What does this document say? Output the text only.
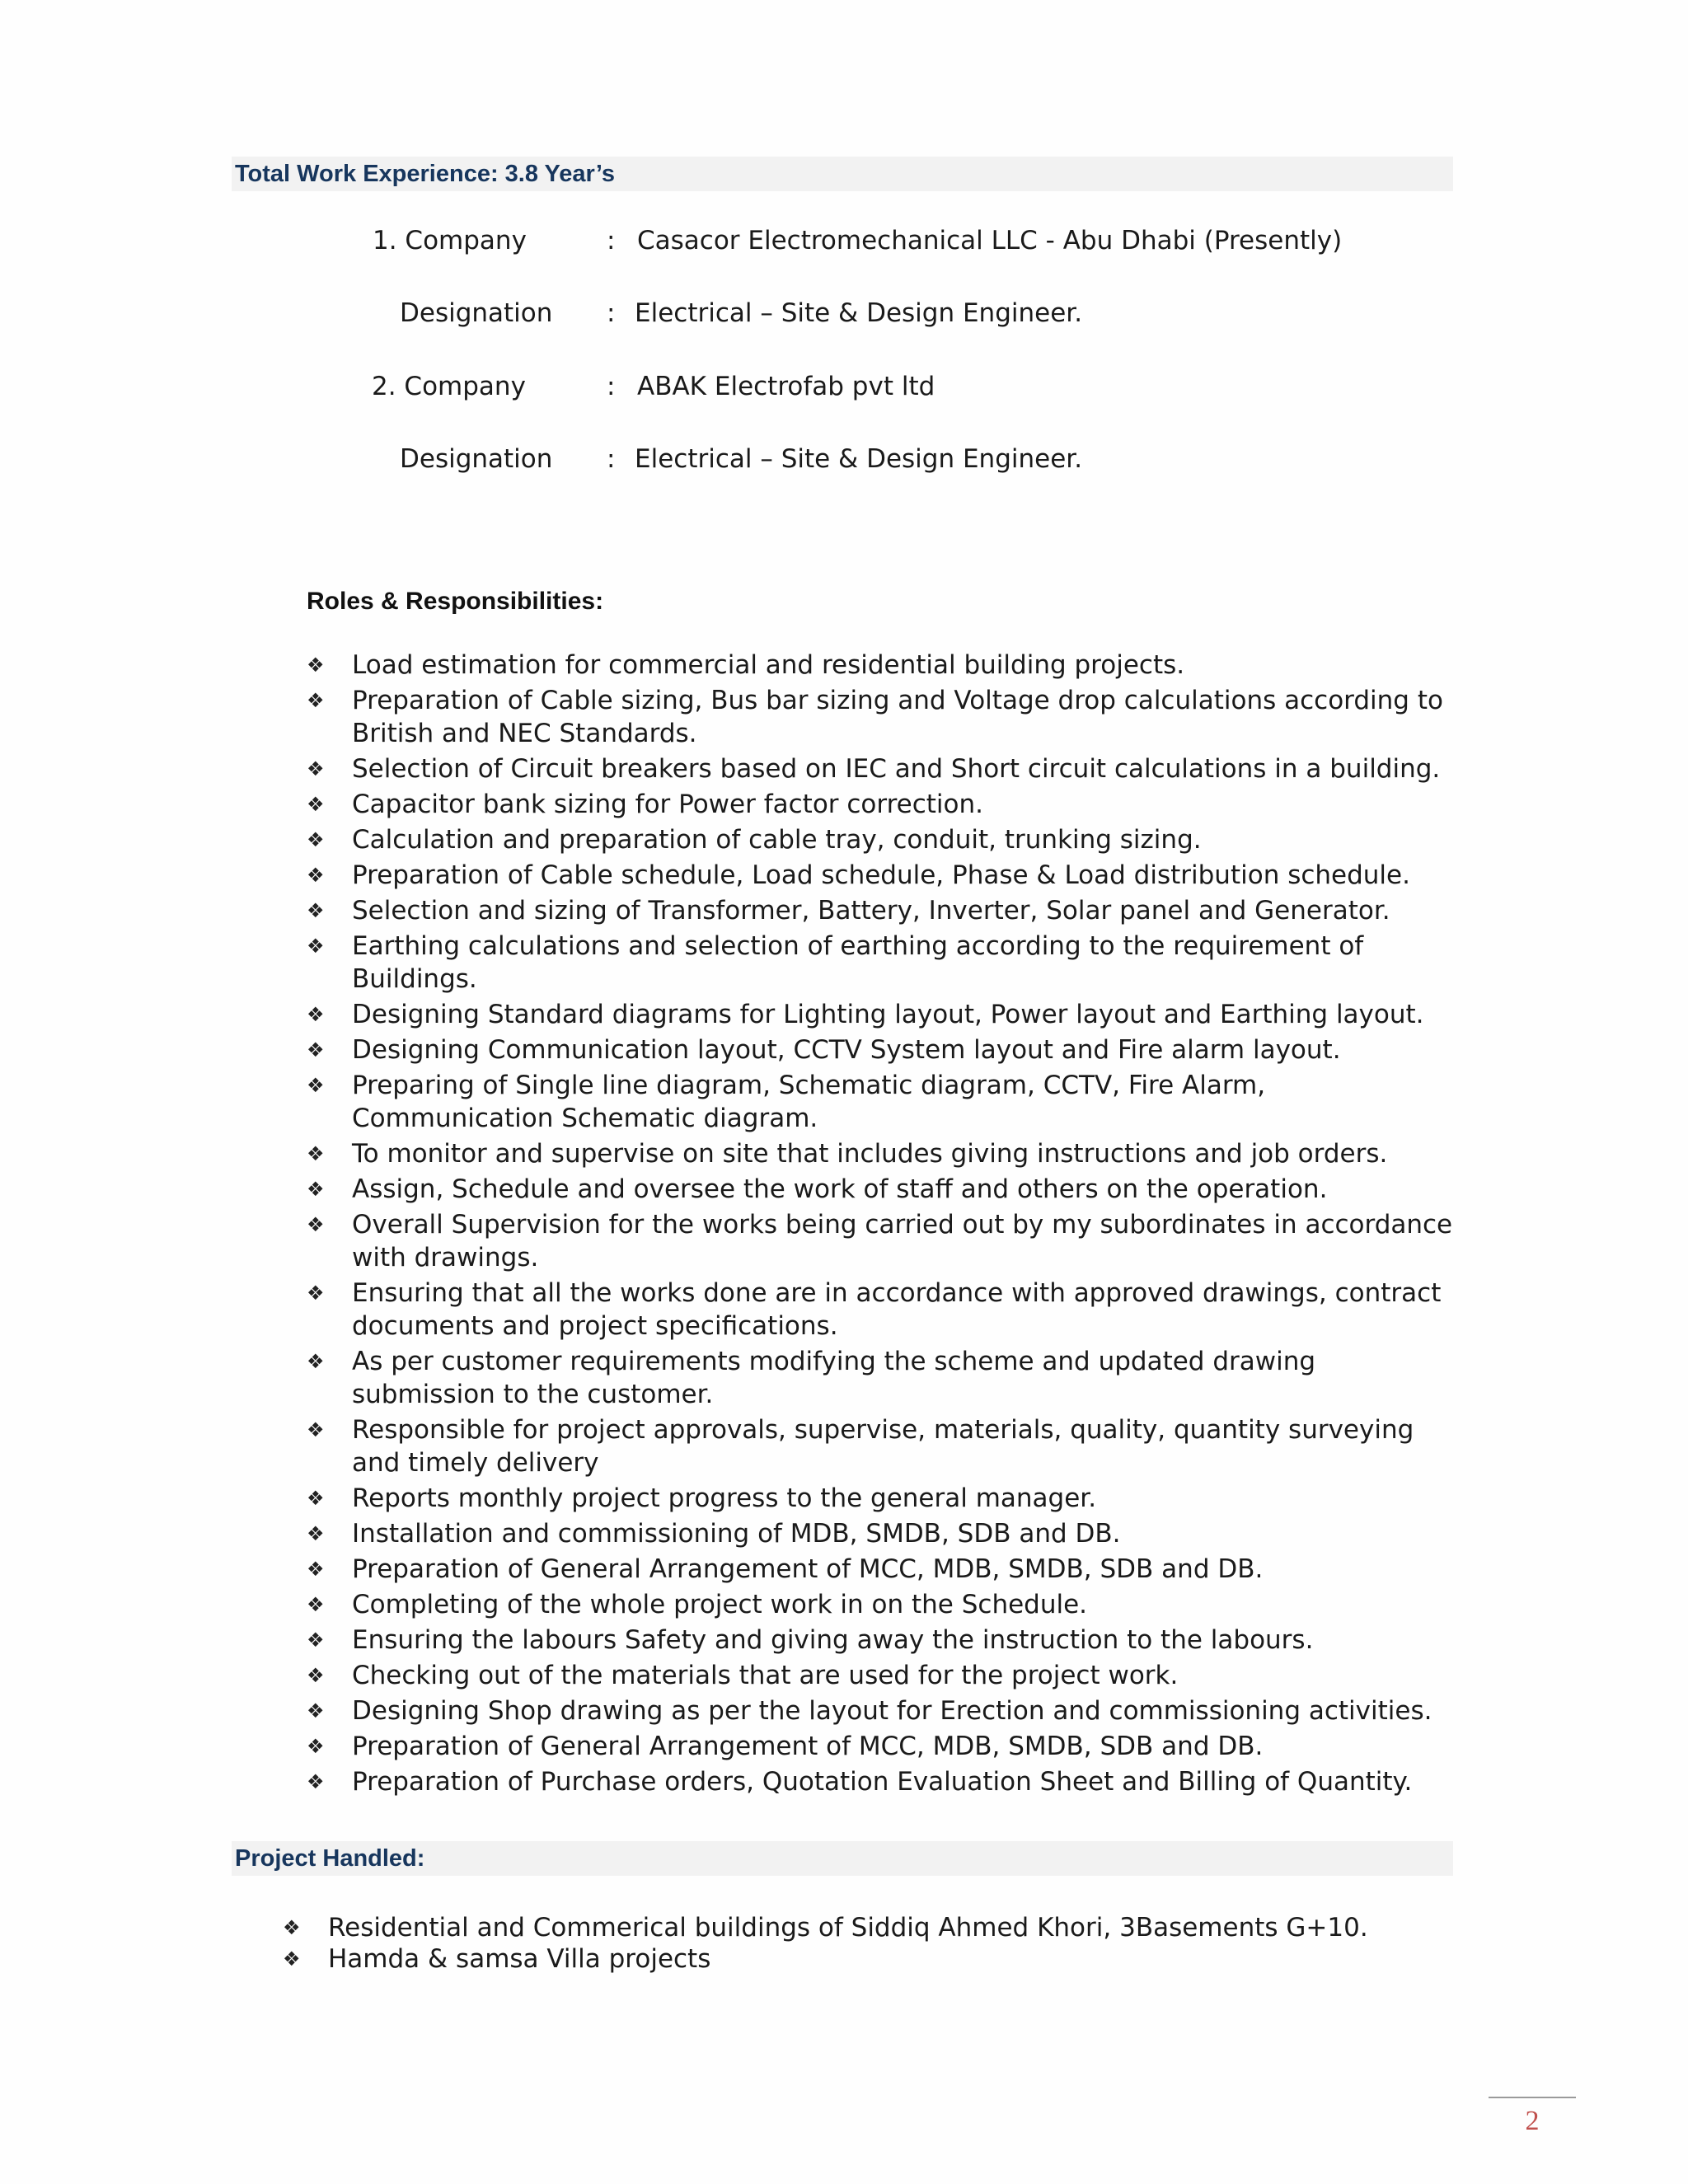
Total Work Experience: 3.8 Year’s
1. Company	: Casacor Electromechanical LLC - Abu Dhabi (Presently)
Designation : Electrical – Site & Design Engineer.
2. Company	: ABAK Electrofab pvt ltd
Designation : Electrical – Site & Design Engineer.
Roles & Responsibilities:
❖ Load estimation for commercial and residential building projects.
❖ Preparation of Cable sizing, Bus bar sizing and Voltage drop calculations according to British and NEC Standards.
❖ Selection of Circuit breakers based on IEC and Short circuit calculations in a building.
❖ Capacitor bank sizing for Power factor correction.
❖ Calculation and preparation of cable tray, conduit, trunking sizing.
❖ Preparation of Cable schedule, Load schedule, Phase & Load distribution schedule.
❖ Selection and sizing of Transformer, Battery, Inverter, Solar panel and Generator.
❖ Earthing calculations and selection of earthing according to the requirement of Buildings.
❖ Designing Standard diagrams for Lighting layout, Power layout and Earthing layout.
❖ Designing Communication layout, CCTV System layout and Fire alarm layout.
❖ Preparing of Single line diagram, Schematic diagram, CCTV, Fire Alarm, Communication Schematic diagram.
❖ To monitor and supervise on site that includes giving instructions and job orders.
❖ Assign, Schedule and oversee the work of staff and others on the operation.
❖ Overall Supervision for the works being carried out by my subordinates in accordance with drawings.
❖ Ensuring that all the works done are in accordance with approved drawings, contract documents and project specifications.
❖ As per customer requirements modifying the scheme and updated drawing submission to the customer.
❖ Responsible for project approvals, supervise, materials, quality, quantity surveying and timely delivery
❖ Reports monthly project progress to the general manager.
❖ Installation and commissioning of MDB, SMDB, SDB and DB.
❖ Preparation of General Arrangement of MCC, MDB, SMDB, SDB and DB.
❖ Completing of the whole project work in on the Schedule.
❖ Ensuring the labours Safety and giving away the instruction to the labours.
❖ Checking out of the materials that are used for the project work.
❖ Designing Shop drawing as per the layout for Erection and commissioning activities.
❖ Preparation of General Arrangement of MCC, MDB, SMDB, SDB and DB.
❖ Preparation of Purchase orders, Quotation Evaluation Sheet and Billing of Quantity.
Project Handled:
❖ Residential and Commerical buildings of Siddiq Ahmed Khori, 3Basements G+10.
❖ Hamda & samsa Villa projects
2
